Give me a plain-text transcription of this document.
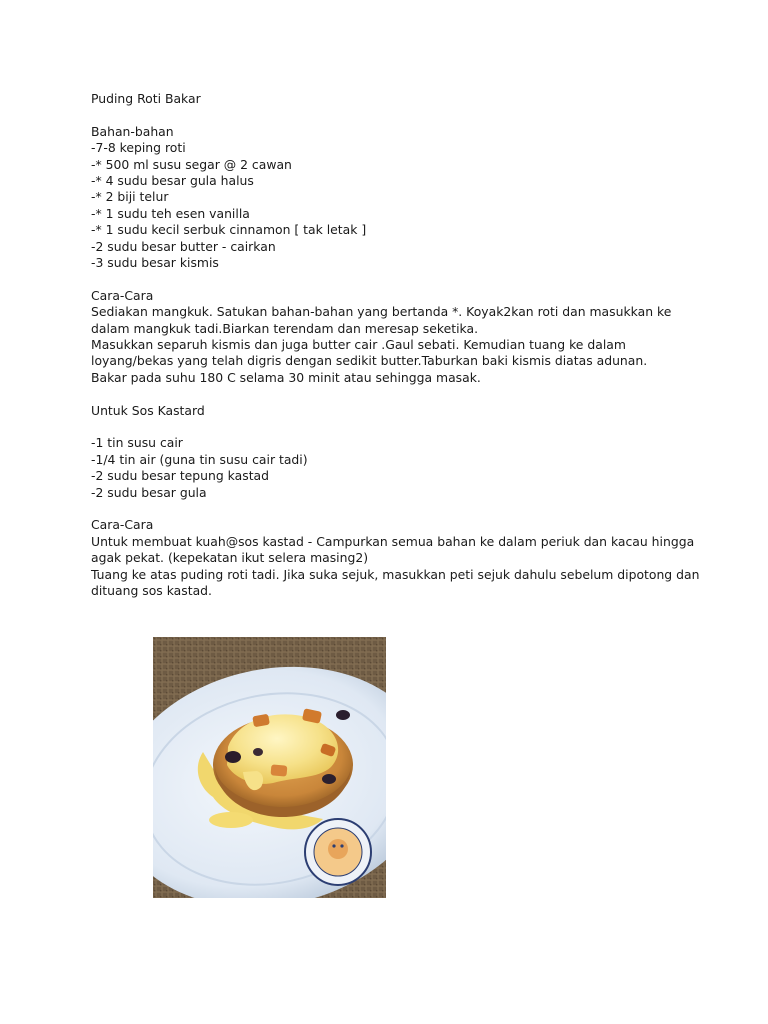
Puding Roti Bakar
Bahan-bahan
-7-8 keping roti
-* 500 ml susu segar @ 2 cawan
-* 4 sudu besar gula halus
-* 2 biji telur
-* 1 sudu teh esen vanilla
-* 1 sudu kecil serbuk cinnamon [ tak letak ]
-2 sudu besar butter - cairkan
-3 sudu besar kismis
Cara-Cara
Sediakan mangkuk. Satukan bahan-bahan yang bertanda *. Koyak2kan roti dan masukkan ke
dalam mangkuk tadi.Biarkan terendam dan meresap seketika.
Masukkan separuh kismis dan juga butter cair .Gaul sebati. Kemudian tuang ke dalam
loyang/bekas yang telah digris dengan sedikit butter.Taburkan baki kismis diatas adunan.
Bakar pada suhu 180 C selama 30 minit atau sehingga masak.
Untuk Sos Kastard
-1 tin susu cair
-1/4 tin air (guna tin susu cair tadi)
-2 sudu besar tepung kastad
-2 sudu besar gula
Cara-Cara
Untuk membuat kuah@sos kastad - Campurkan semua bahan ke dalam periuk dan kacau hingga
agak pekat. (kepekatan ikut selera masing2)
Tuang ke atas puding roti tadi. Jika suka sejuk, masukkan peti sejuk dahulu sebelum dipotong dan
dituang sos kastad.
